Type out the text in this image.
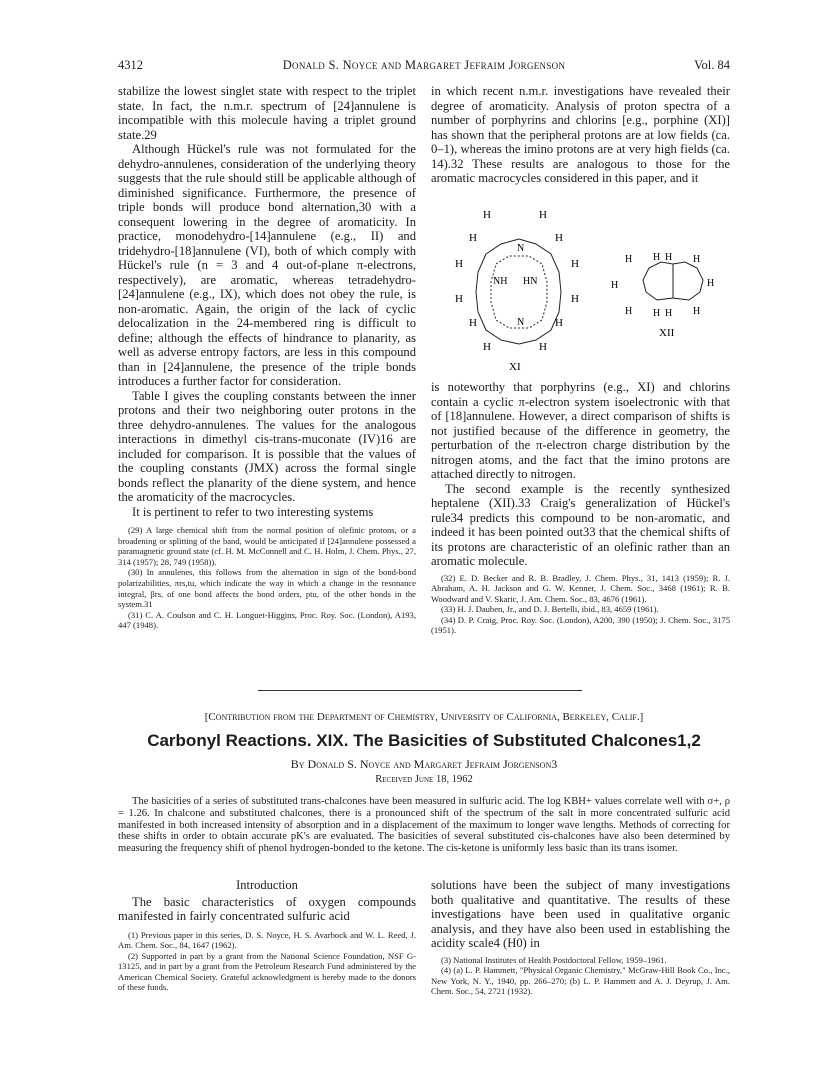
4312	Donald S. Noyce and Margaret Jefraim Jorgenson	Vol. 84

stabilize the lowest singlet state with respect to the triplet state. In fact, the n.m.r. spectrum of [24]annulene is incompatible with this molecule having a triplet ground state.29

Although Hückel's rule was not formulated for the dehydro-annulenes, consideration of the underlying theory suggests that the rule should still be applicable although of diminished significance. Furthermore, the presence of triple bonds will produce bond alternation,30 with a consequent lowering in the degree of aromaticity. In practice, monodehydro-[14]annulene (e.g., II) and tridehydro-[18]annulene (VI), both of which comply with Hückel's rule (n = 3 and 4 out-of-plane π-electrons, respectively), are aromatic, whereas tetradehydro-[24]annulene (e.g., IX), which does not obey the rule, is non-aromatic. Again, the origin of the lack of cyclic delocalization in the 24-membered ring is difficult to define; although the effects of hindrance to planarity, as well as adverse entropy factors, are less in this compound than in [24]annulene, the presence of the triple bonds introduces a further factor for consideration.

Table I gives the coupling constants between the inner protons and their two neighboring outer protons in the three dehydro-annulenes. The values for the analogous interactions in dimethyl cis-trans-muconate (IV)16 are included for comparison. It is possible that the values of the coupling constants (JMX) across the formal single bonds reflect the planarity of the diene system, and hence the aromaticity of the macrocycles.

It is pertinent to refer to two interesting systems

(29) A large chemical shift from the normal position of olefinic protons, or a broadening or splitting of the band, would be anticipated if [24]annulene possessed a paramagnetic ground state (cf. H. M. McConnell and C. H. Holm, J. Chem. Phys., 27, 314 (1957); 28, 749 (1958)).

(30) In annulenes, this follows from the alternation in sign of the bond-bond polarizabilities, πrs,tu, which indicate the way in which a change in the resonance integral, βrs, of one bond affects the bond orders, ptu, of the other bonds in the system.31

(31) C. A. Coulson and C. H. Longuet-Higgins, Proc. Roy. Soc. (London), A193, 447 (1948).

in which recent n.m.r. investigations have revealed their degree of aromaticity. Analysis of proton spectra of a number of porphyrins and chlorins [e.g., porphine (XI)] has shown that the peripheral protons are at low fields (ca. 0–1), whereas the imino protons are at very high fields (ca. 14).32 These results are analogous to those for the aromatic macrocycles considered in this paper, and it

H	H
H	H
H	H
H	H
H	H
H	H
N
N
NH HN
XI
H H H H
H	H
H H H H
XII

is noteworthy that porphyrins (e.g., XI) and chlorins contain a cyclic π-electron system isoelectronic with that of [18]annulene. However, a direct comparison of shifts is not justified because of the difference in geometry, the perturbation of the π-electron charge distribution by the nitrogen atoms, and the fact that the imino protons are attached directly to nitrogen.

The second example is the recently synthesized heptalene (XII).33 Craig's generalization of Hückel's rule34 predicts this compound to be non-aromatic, and indeed it has been pointed out33 that the chemical shifts of its protons are characteristic of an olefinic rather than an aromatic molecule.

(32) E. D. Becker and R. B. Bradley, J. Chem. Phys., 31, 1413 (1959); R. J. Abraham, A. H. Jackson and G. W. Kenner, J. Chem. Soc., 3468 (1961); R. B. Woodward and V. Skaric, J. Am. Chem. Soc., 83, 4676 (1961).

(33) H. J. Dauben, Jr., and D. J. Bertelli, ibid., 83, 4659 (1961).

(34) D. P. Craig, Proc. Roy. Soc. (London), A200, 390 (1950); J. Chem. Soc., 3175 (1951).

[Contribution from the Department of Chemistry, University of California, Berkeley, Calif.]
Carbonyl Reactions. XIX. The Basicities of Substituted Chalcones1,2
By Donald S. Noyce and Margaret Jefraim Jorgenson3
Received June 18, 1962
The basicities of a series of substituted trans-chalcones have been measured in sulfuric acid. The log KBH+ values correlate well with σ+, ρ = 1.26. In chalcone and substituted chalcones, there is a pronounced shift of the spectrum of the salt in more concentrated sulfuric acid manifested in both increased intensity of absorption and in a displacement of the maximum to longer wave lengths. Methods of correcting for these shifts in order to obtain accurate pK's are evaluated. The basicities of several substituted cis-chalcones have also been determined by measuring the frequency shift of phenol hydrogen-bonded to the ketone. The cis-ketone is uniformly less basic than its trans isomer.

Introduction

The basic characteristics of oxygen compounds manifested in fairly concentrated sulfuric acid

(1) Previous paper in this series, D. S. Noyce, H. S. Avarbock and W. L. Reed, J. Am. Chem. Soc., 84, 1647 (1962).

(2) Supported in part by a grant from the National Science Foundation, NSF G-13125, and in part by a grant from the Petroleum Research Fund administered by the American Chemical Society. Grateful acknowledgment is hereby made to the donors of these funds.

solutions have been the subject of many investigations both qualitative and quantitative. The results of these investigations have been used in qualitative organic analysis, and they have also been used in establishing the acidity scale4 (H0) in

(3) National Institutes of Health Postdoctoral Fellow, 1959–1961.

(4) (a) L. P. Hammett, "Physical Organic Chemistry," McGraw-Hill Book Co., Inc., New York, N. Y., 1940, pp. 266–270; (b) L. P. Hammett and A. J. Deyrup, J. Am. Chem. Soc., 54, 2721 (1932).
